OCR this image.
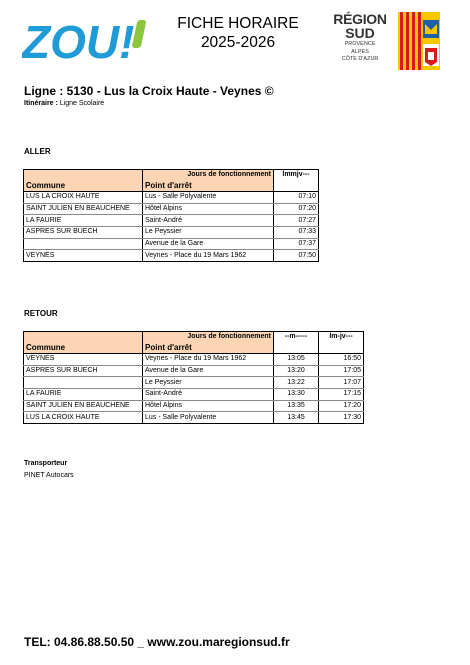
ZOU!	FICHE HORAIRE
2025-2026
RÉGION
SUD
PROVENCE
ALPES
CÔTE D'AZUR
Ligne : 5130 - Lus la Croix Haute - Veynes ©
Itinéraire : Ligne Scolaire
ALLER
	Jours de fonctionnement	lmmjv---
Commune	Point d'arrêt	
LUS LA CROIX HAUTE	Lus - Salle Polyvalente	07:10
SAINT JULIEN EN BEAUCHENE	Hôtel Alpins	07:20
LA FAURIE	Saint-André	07:27
ASPRES SUR BUECH	Le Peyssier	07:33
	Avenue de la Gare	07:37
VEYNES	Veynes - Place du 19 Mars 1962	07:50
RETOUR
	Jours de fonctionnement	--m-----	lm-jv---
Commune	Point d'arrêt		
VEYNES	Veynes - Place du 19 Mars 1962	13:05	16:50
ASPRES SUR BUECH	Avenue de la Gare	13:20	17:05
	Le Peyssier	13:22	17:07
LA FAURIE	Saint-André	13:30	17:15
SAINT JULIEN EN BEAUCHENE	Hôtel Alpins	13:35	17:20
LUS LA CROIX HAUTE	Lus - Salle Polyvalente	13:45	17:30
Transporteur
PINET Autocars
TEL: 04.86.88.50.50 _ www.zou.maregionsud.fr
